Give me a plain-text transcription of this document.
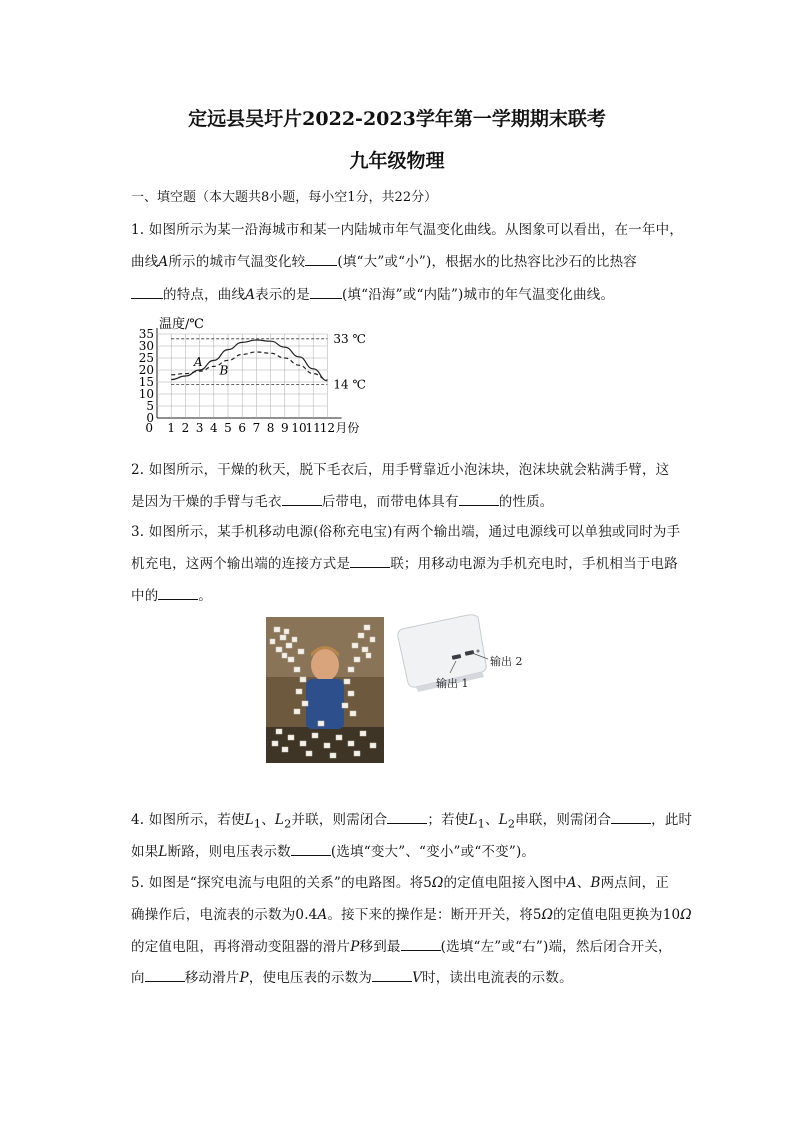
定远县吴圩片2022-2023学年第一学期期末联考
九年级物理
一、填空题（本大题共8小题，每小空1分，共22分）
1. 如图所示为某一沿海城市和某一内陆城市年气温变化曲线。从图象可以看出，在一年中，
曲线A所示的城市气温变化较 (填“大”或“小”)，根据水的比热容比沙石的比热容
的特点，曲线A表示的是 (填“沿海”或“内陆”)城市的年气温变化曲线。
温度/℃
0
5
10
15
20
25
30
35
1 2 3 4 5 6 7 8 9 10
11
12
0	月份
33 ℃
14 ℃
A
B
2. 如图所示，干燥的秋天，脱下毛衣后，用手臂靠近小泡沫块，泡沫块就会粘满手臂，这
是因为干燥的手臂与毛衣	后带电，而带电体具有	的性质。
3. 如图所示，某手机移动电源(俗称充电宝)有两个输出端，通过电源线可以单独或同时为手
机充电，这两个输出端的连接方式是	联；用移动电源为手机充电时，手机相当于电路
中的	。
输出 1
输出 2
4. 如图所示，若使$L_1$、$L_2$并联，则需闭合	；若使$L_1$、$L_2$串联，则需闭合	，此时
如果L断路，则电压表示数	(选填“变大”、“变小”或“不变”)。
5. 如图是“探究电流与电阻的关系”的电路图。将5Ω的定值电阻接入图中A、B两点间，正
确操作后，电流表的示数为0.4A。接下来的操作是：断开开关，将5Ω的定值电阻更换为10Ω
的定值电阻，再将滑动变阻器的滑片P移到最	(选填“左”或“右”)端，然后闭合开关，
向	移动滑片P，使电压表的示数为	V时，读出电流表的示数。
